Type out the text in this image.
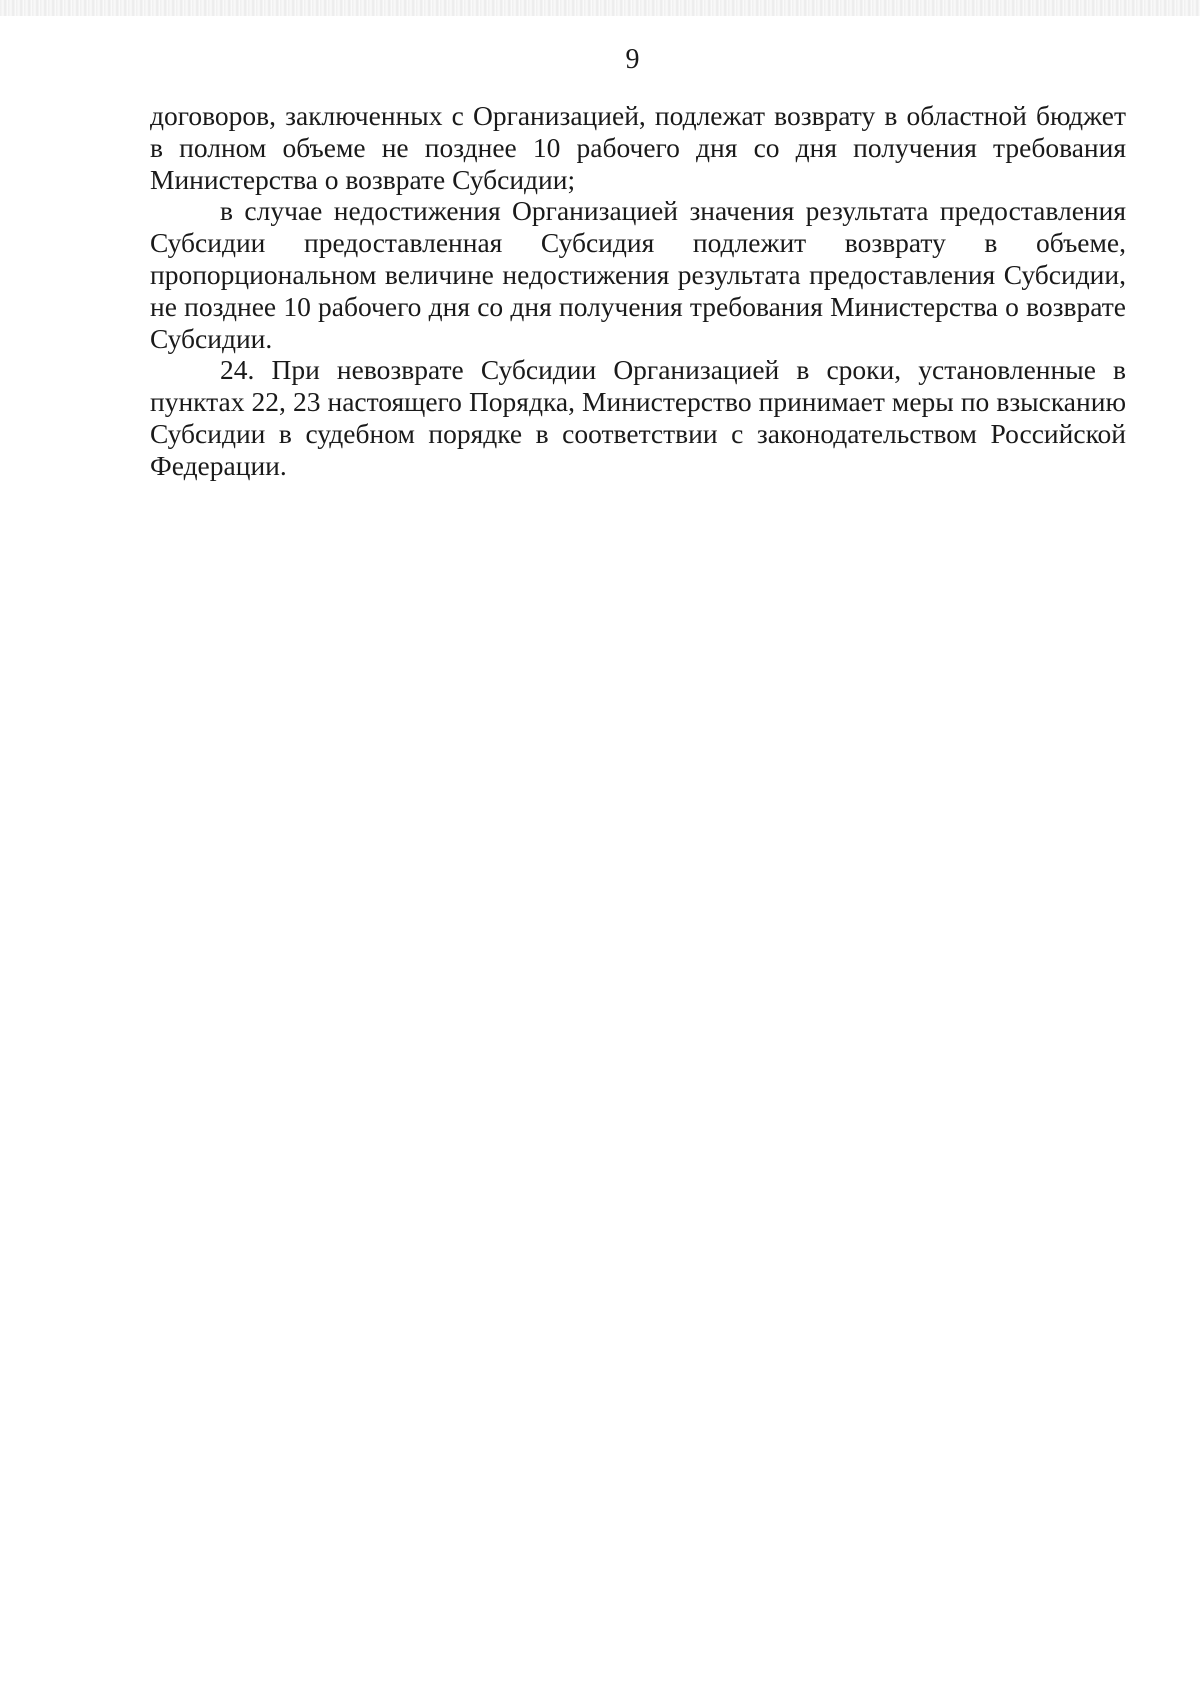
9

договоров, заключенных с Организацией, подлежат возврату в областной бюджет в полном объеме не позднее 10 рабочего дня со дня получения требования Министерства о возврате Субсидии;

в случае недостижения Организацией значения результата предоставления Субсидии предоставленная Субсидия подлежит возврату в объеме, пропорциональном величине недостижения результата предоставления Субсидии, не позднее 10 рабочего дня со дня получения требования Министерства о возврате Субсидии.

24. При невозврате Субсидии Организацией в сроки, установленные в пунктах 22, 23 настоящего Порядка, Министерство принимает меры по взысканию Субсидии в судебном порядке в соответствии с законодательством Российской Федерации.
